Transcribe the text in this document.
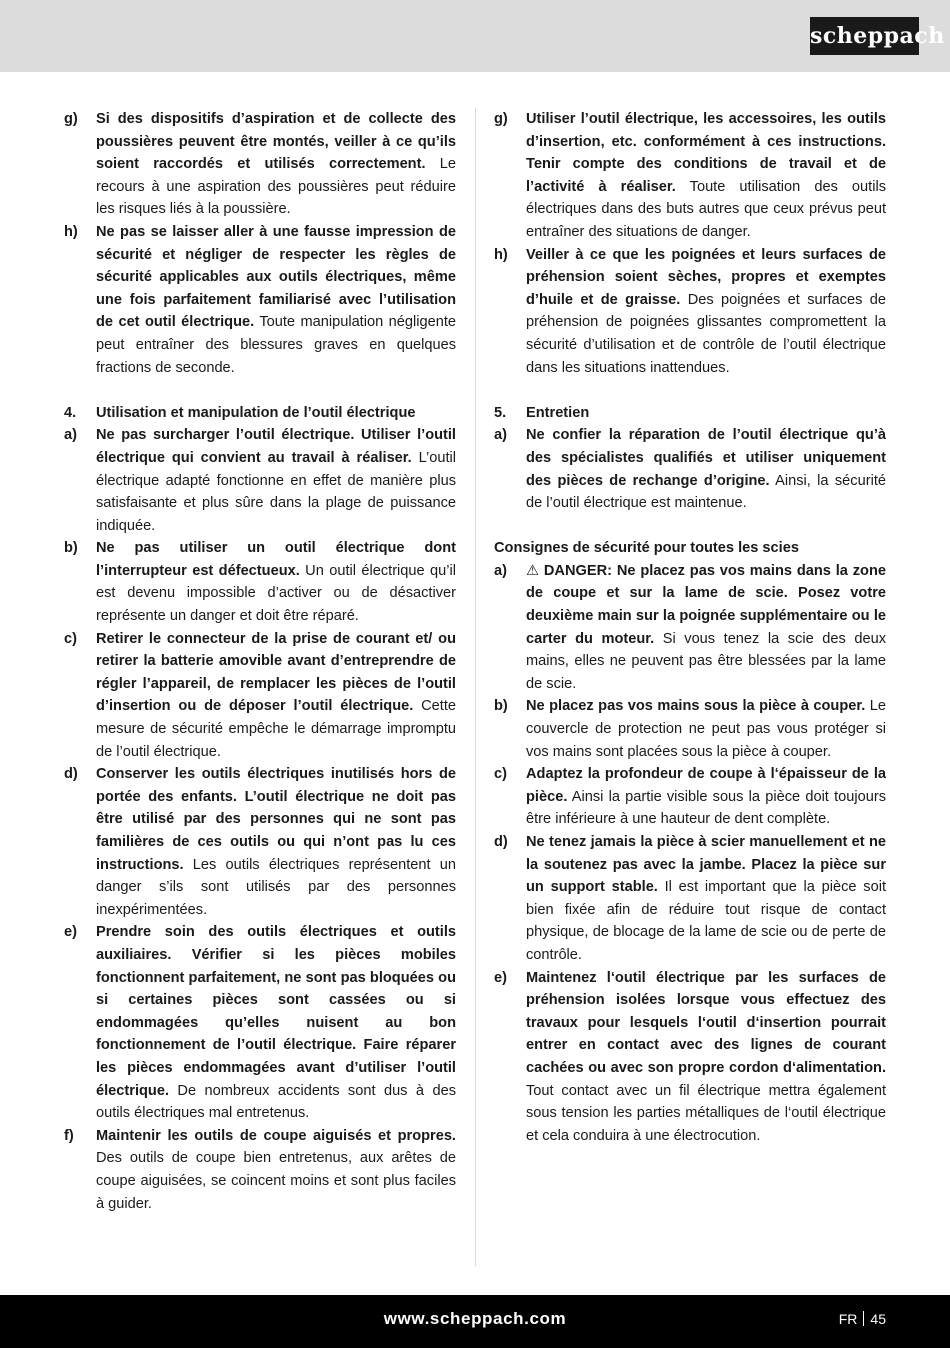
scheppach
g)	Si des dispositifs d’aspiration et de collecte des poussières peuvent être montés, veiller à ce qu’ils soient raccordés et utilisés correctement. Le recours à une aspiration des poussières peut réduire les risques liés à la poussière.
h)	Ne pas se laisser aller à une fausse impression de sécurité et négliger de respecter les règles de sécurité applicables aux outils électriques, même une fois parfaitement familiarisé avec l’utilisation de cet outil électrique. Toute manipulation négligente peut entraîner des blessures graves en quelques fractions de seconde.
4.	Utilisation et manipulation de l’outil électrique
a)	Ne pas surcharger l’outil électrique. Utiliser l’outil électrique qui convient au travail à réaliser. L’outil électrique adapté fonctionne en effet de manière plus satisfaisante et plus sûre dans la plage de puissance indiquée.
b)	Ne pas utiliser un outil électrique dont l’interrupteur est défectueux. Un outil électrique qu’il est devenu impossible d’activer ou de désactiver représente un danger et doit être réparé.
c)	Retirer le connecteur de la prise de courant et/ ou retirer la batterie amovible avant d’entreprendre de régler l’appareil, de remplacer les pièces de l’outil d’insertion ou de déposer l’outil électrique. Cette mesure de sécurité empêche le démarrage impromptu de l’outil électrique.
d)	Conserver les outils électriques inutilisés hors de portée des enfants. L’outil électrique ne doit pas être utilisé par des personnes qui ne sont pas familières de ces outils ou qui n’ont pas lu ces instructions. Les outils électriques représentent un danger s’ils sont utilisés par des personnes inexpérimentées.
e)	Prendre soin des outils électriques et outils auxiliaires. Vérifier si les pièces mobiles fonctionnent parfaitement, ne sont pas bloquées ou si certaines pièces sont cassées ou si endommagées qu’elles nuisent au bon fonctionnement de l’outil électrique. Faire réparer les pièces endommagées avant d’utiliser l’outil électrique. De nombreux accidents sont dus à des outils électriques mal entretenus.
f)	Maintenir les outils de coupe aiguisés et propres. Des outils de coupe bien entretenus, aux arêtes de coupe aiguisées, se coincent moins et sont plus faciles à guider.
g)	Utiliser l’outil électrique, les accessoires, les outils d’insertion, etc. conformément à ces instructions. Tenir compte des conditions de travail et de l’activité à réaliser. Toute utilisation des outils électriques dans des buts autres que ceux prévus peut entraîner des situations de danger.
h)	Veiller à ce que les poignées et leurs surfaces de préhension soient sèches, propres et exemptes d’huile et de graisse. Des poignées et surfaces de préhension de poignées glissantes compromettent la sécurité d’utilisation et de contrôle de l’outil électrique dans les situations inattendues.
5.	Entretien
a)	Ne confier la réparation de l’outil électrique qu’à des spécialistes qualifiés et utiliser uniquement des pièces de rechange d’origine. Ainsi, la sécurité de l’outil électrique est maintenue.
Consignes de sécurité pour toutes les scies
a)	⚠ DANGER: Ne placez pas vos mains dans la zone de coupe et sur la lame de scie. Posez votre deuxième main sur la poignée supplémentaire ou le carter du moteur. Si vous tenez la scie des deux mains, elles ne peuvent pas être blessées par la lame de scie.
b)	Ne placez pas vos mains sous la pièce à couper. Le couvercle de protection ne peut pas vous protéger si vos mains sont placées sous la pièce à couper.
c)	Adaptez la profondeur de coupe à l‘épaisseur de la pièce. Ainsi la partie visible sous la pièce doit toujours être inférieure à une hauteur de dent complète.
d)	Ne tenez jamais la pièce à scier manuellement et ne la soutenez pas avec la jambe. Placez la pièce sur un support stable. Il est important que la pièce soit bien fixée afin de réduire tout risque de contact physique, de blocage de la lame de scie ou de perte de contrôle.
e)	Maintenez l‘outil électrique par les surfaces de préhension isolées lorsque vous effectuez des travaux pour lesquels l‘outil d‘insertion pourrait entrer en contact avec des lignes de courant cachées ou avec son propre cordon d‘alimentation. Tout contact avec un fil électrique mettra également sous tension les parties métalliques de l‘outil électrique et cela conduira à une électrocution.
www.scheppach.com	FR 45
